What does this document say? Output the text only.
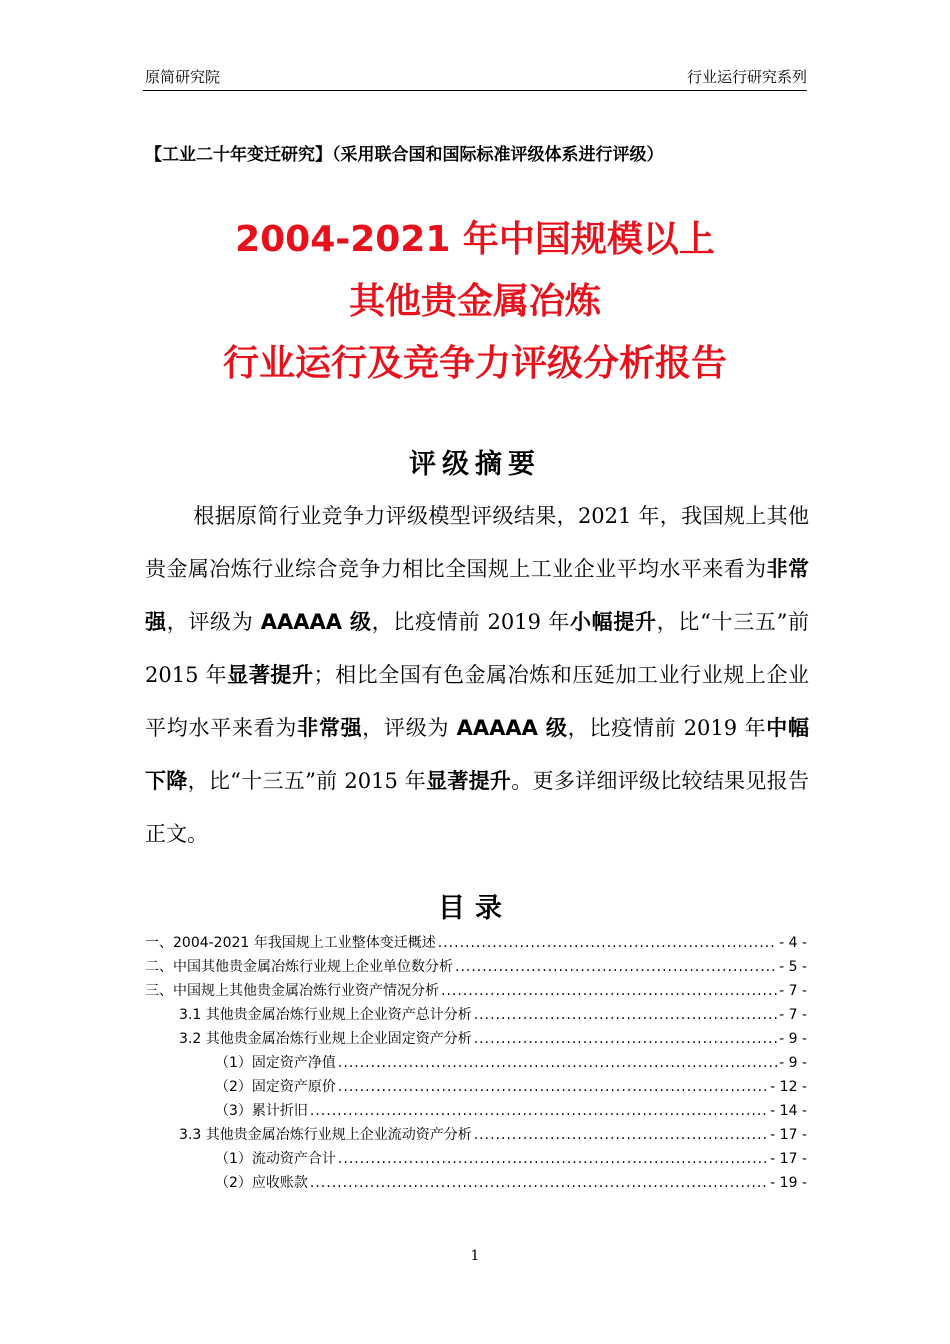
原简研究院	行业运行研究系列
【工业二十年变迁研究】（采用联合国和国际标准评级体系进行评级）
2004-2021 年中国规模以上
其他贵金属冶炼
行业运行及竞争力评级分析报告
评级摘要
根据原简行业竞争力评级模型评级结果，2021 年，我国规上其他贵金属冶炼行业综合竞争力相比全国规上工业企业平均水平来看为非常强，评级为 AAAAA 级，比疫情前 2019 年小幅提升，比“十三五”前 2015 年显著提升；相比全国有色金属冶炼和压延加工业行业规上企业平均水平来看为非常强，评级为 AAAAA 级，比疫情前 2019 年中幅下降，比“十三五”前 2015 年显著提升。更多详细评级比较结果见报告正文。
目录
一、2004-2021 年我国规上工业整体变迁概述 .....	- 4 -
二、中国其他贵金属冶炼行业规上企业单位数分析 .....	- 5 -
三、中国规上其他贵金属冶炼行业资产情况分析 .....	- 7 -
3.1 其他贵金属冶炼行业规上企业资产总计分析 .....	- 7 -
3.2 其他贵金属冶炼行业规上企业固定资产分析 .....	- 9 -
（1）固定资产净值 .....	- 9 -
（2）固定资产原价 .....	- 12 -
（3）累计折旧 .....	- 14 -
3.3 其他贵金属冶炼行业规上企业流动资产分析 .....	- 17 -
（1）流动资产合计 .....	- 17 -
（2）应收账款 .....	- 19 -
1
